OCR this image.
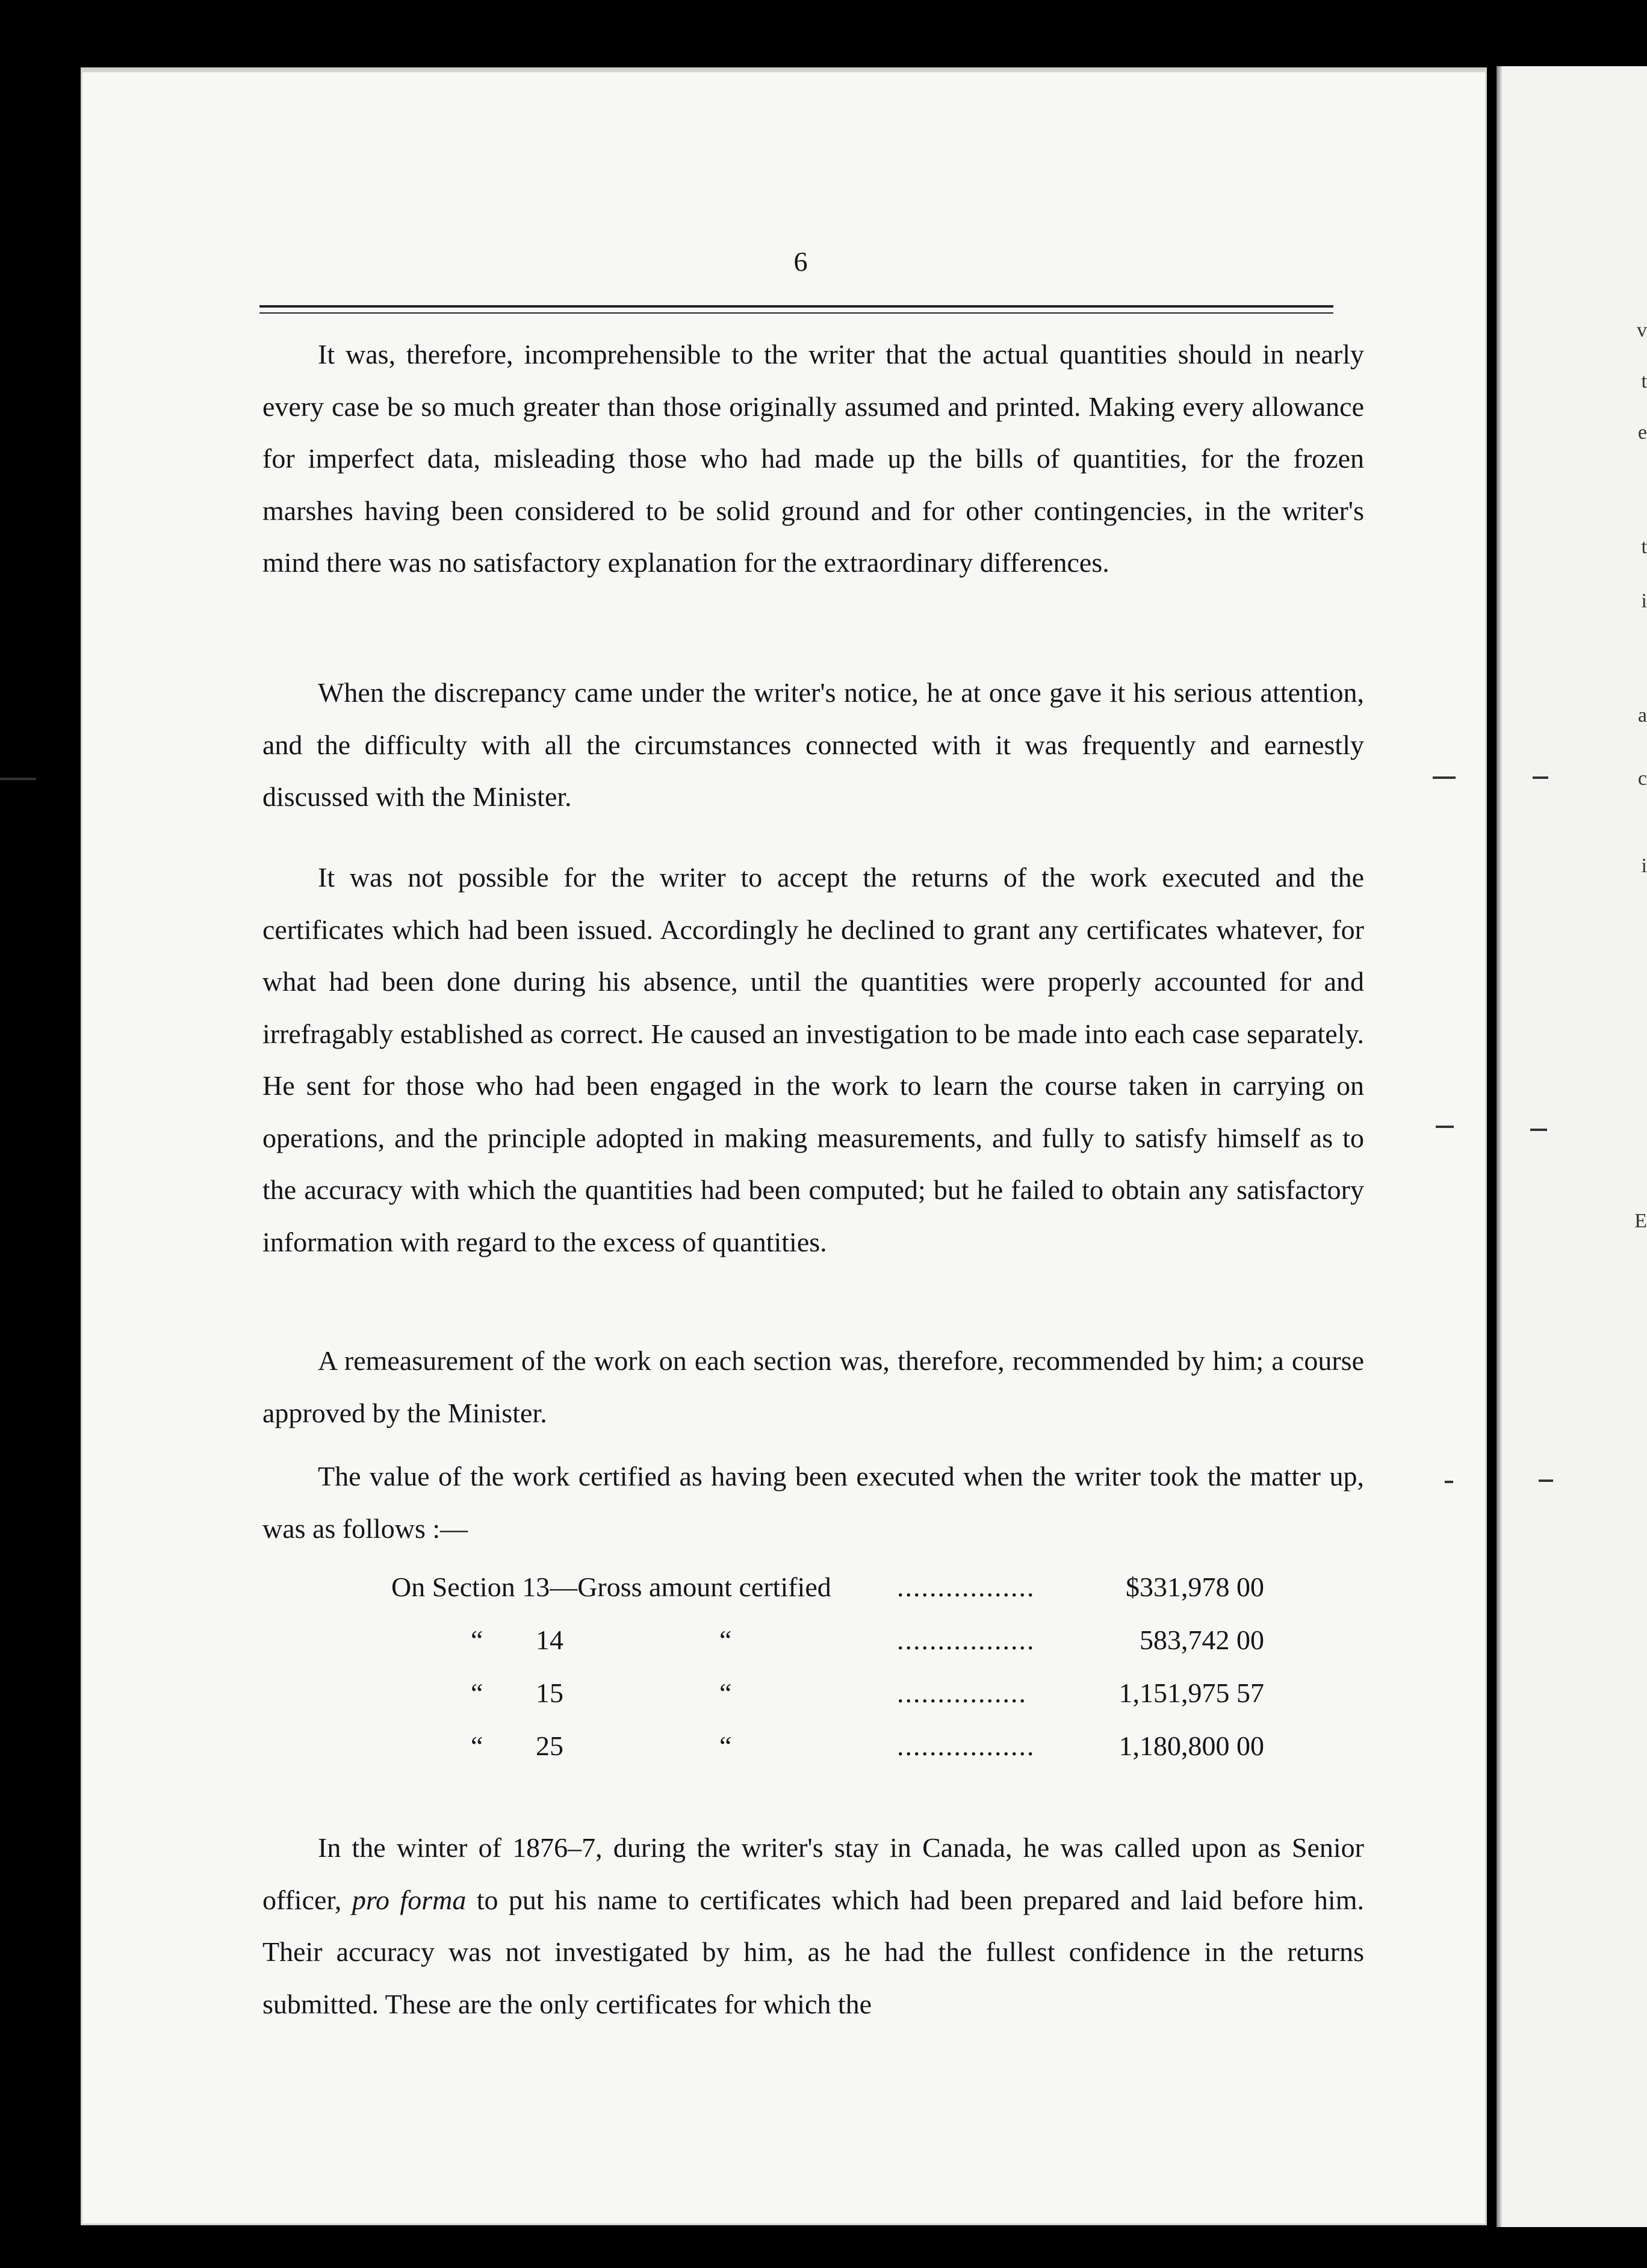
v
t
e
t
i
a
c
i
E
6

It was, therefore, incomprehensible to the writer that the actual quantities should in nearly every case be so much greater than those originally assumed and printed. Making every allowance for imperfect data, misleading those who had made up the bills of quantities, for the frozen marshes having been considered to be solid ground and for other contingencies, in the writer's mind there was no satisfactory explanation for the extraordinary differences.

When the discrepancy came under the writer's notice, he at once gave it his serious attention, and the difficulty with all the circumstances connected with it was frequently and earnestly discussed with the Minister.

It was not possible for the writer to accept the returns of the work executed and the certificates which had been issued. Accordingly he declined to grant any certificates whatever, for what had been done during his absence, until the quantities were properly accounted for and irrefragably established as correct. He caused an investigation to be made into each case separately. He sent for those who had been engaged in the work to learn the course taken in carrying on operations, and the principle adopted in making measurements, and fully to satisfy himself as to the accuracy with which the quantities had been computed; but he failed to obtain any satisfactory information with regard to the excess of quantities.

A remeasurement of the work on each section was, therefore, recommended by him; a course approved by the Minister.

The value of the work certified as having been executed when the writer took the matter up, was as follows :—

On Section 13—Gross amount certified .................	$331,978 00
“ 14	“	.................	583,742 00
“ 15	“	................	1,151,975 57
“ 25	“	.................	1,180,800 00

In the winter of 1876–7, during the writer's stay in Canada, he was called upon as Senior officer, pro forma to put his name to certificates which had been prepared and laid before him. Their accuracy was not investigated by him, as he had the fullest confidence in the returns submitted. These are the only certificates for which the
